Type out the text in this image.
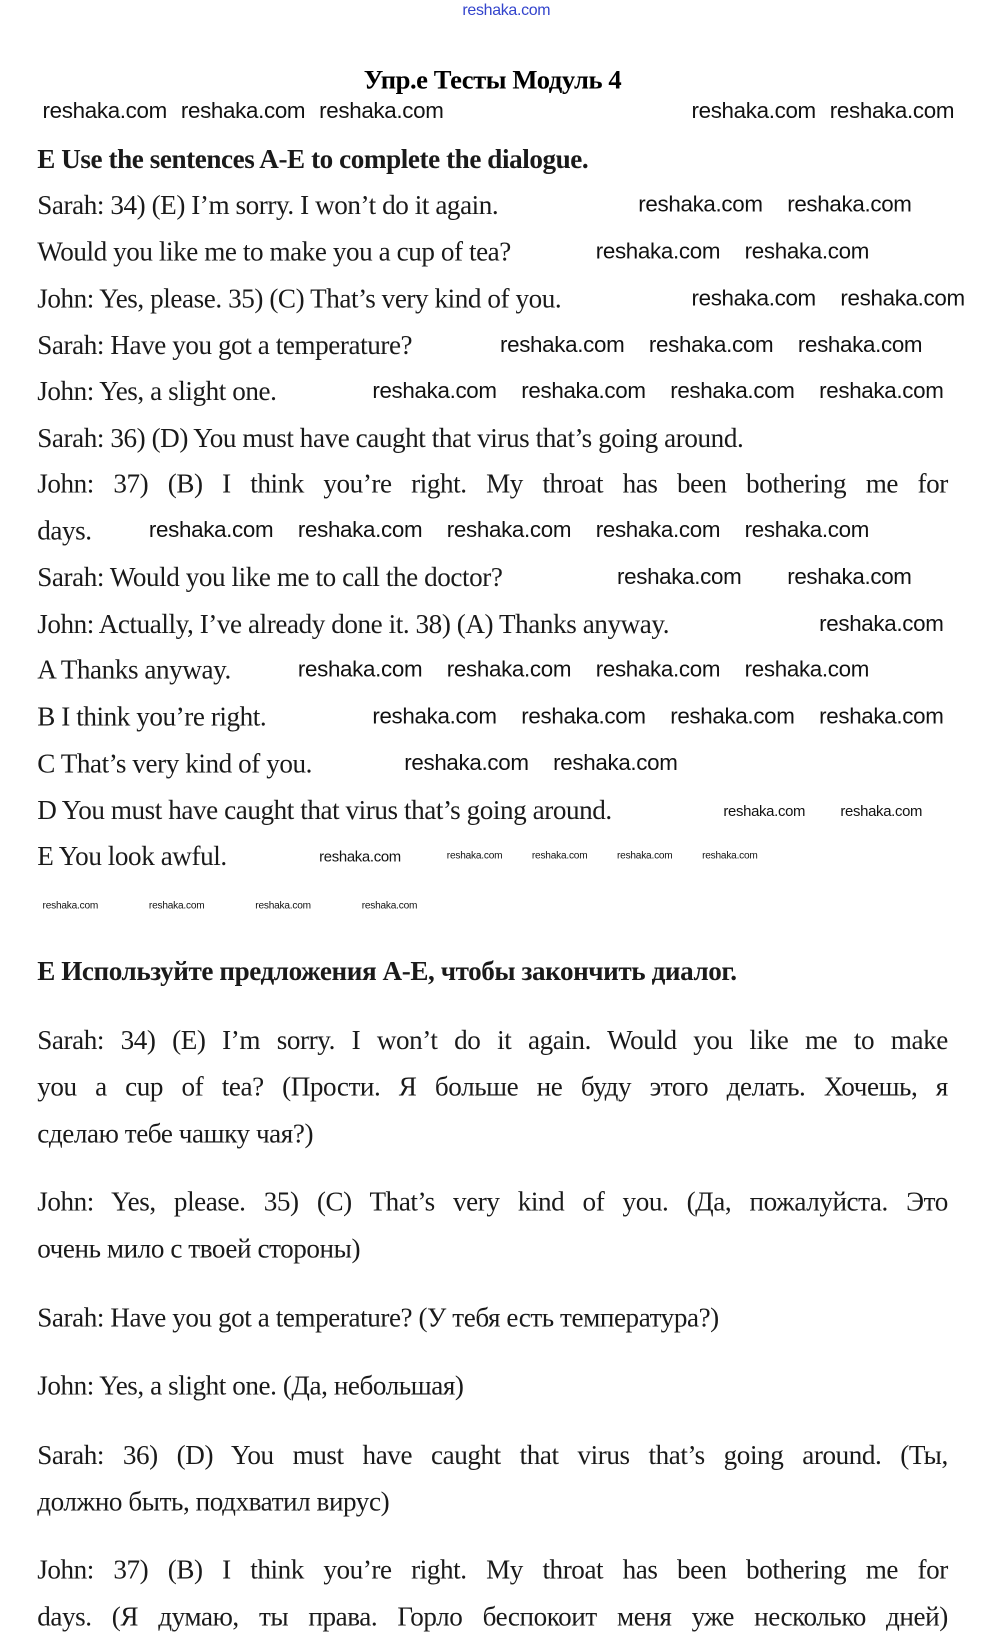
reshaka.com
Упр.е Тесты Модуль 4
E Use the sentences A-E to complete the dialogue.
Sarah: 34) (E) I’m sorry. I won’t do it again.
Would you like me to make you a cup of tea?
John: Yes, please. 35) (C) That’s very kind of you.
Sarah: Have you got a temperature?
John: Yes, a slight one.
Sarah: 36) (D) You must have caught that virus that’s going around.
John: 37) (B) I think you’re right. My throat has been bothering me for
days.
Sarah: Would you like me to call the doctor?
John: Actually, I’ve already done it. 38) (A) Thanks anyway.
A Thanks anyway.
B I think you’re right.
C That’s very kind of you.
D You must have caught that virus that’s going around.
E You look awful.
E Используйте предложения A-E, чтобы закончить диалог.
Sarah: 34) (E) I’m sorry. I won’t do it again. Would you like me to make
you a cup of tea? (Прости. Я больше не буду этого делать. Хочешь, я
сделаю тебе чашку чая?)
John: Yes, please. 35) (C) That’s very kind of you. (Да, пожалуйста. Это
очень мило с твоей стороны)
Sarah: Have you got a temperature? (У тебя есть температура?)
John: Yes, a slight one. (Да, небольшая)
Sarah: 36) (D) You must have caught that virus that’s going around. (Ты,
должно быть, подхватил вирус)
John: 37) (B) I think you’re right. My throat has been bothering me for
days. (Я думаю, ты права. Горло беспокоит меня уже несколько дней)
reshaka.com reshaka.com reshaka.com	reshaka.com reshaka.com
reshaka.com reshaka.com
reshaka.com reshaka.com
reshaka.com reshaka.com
reshaka.com reshaka.com reshaka.com
reshaka.com reshaka.com reshaka.com reshaka.com
reshaka.com reshaka.com reshaka.com reshaka.com reshaka.com
reshaka.com reshaka.com
reshaka.com
reshaka.com reshaka.com reshaka.com reshaka.com
reshaka.com reshaka.com reshaka.com reshaka.com
reshaka.com reshaka.com
reshaka.com	reshaka.com
reshaka.com	reshaka.com	reshaka.com	reshaka.com	reshaka.com
reshaka.com	reshaka.com	reshaka.com	reshaka.com
